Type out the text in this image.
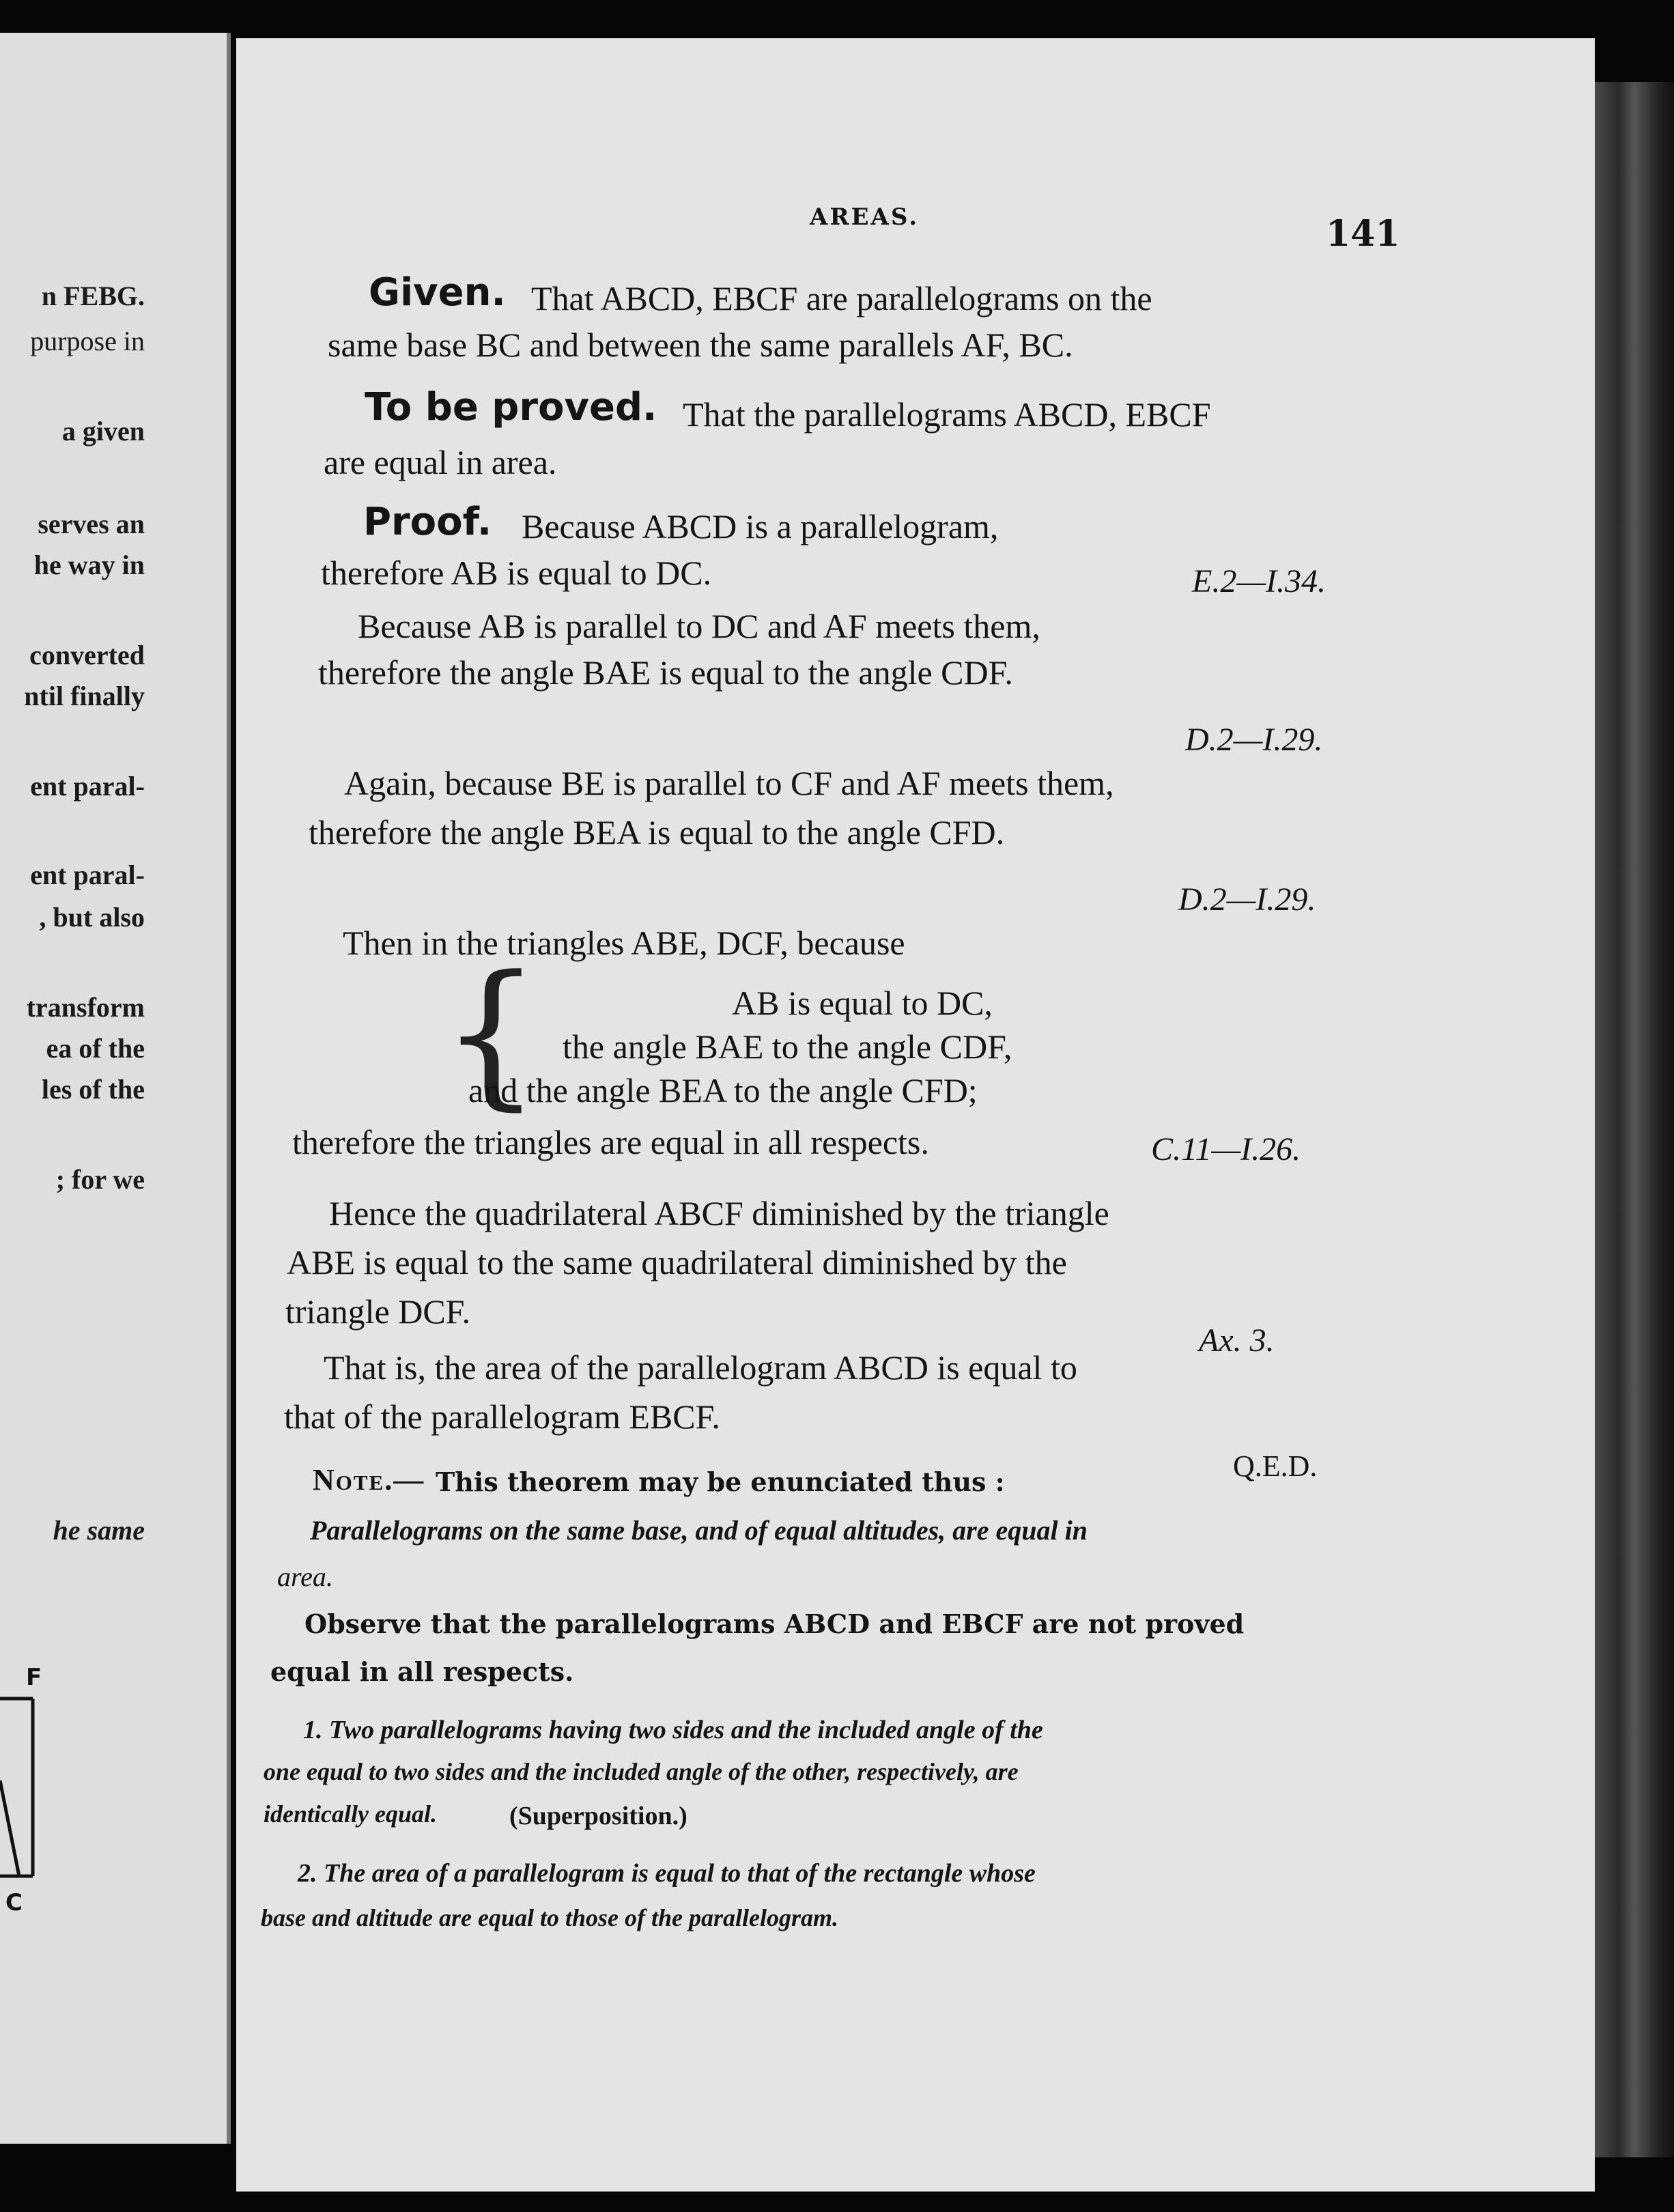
n FEBG.
purpose in
a given
serves an
he way in
converted
ntil finally
ent paral-
ent paral-
, but also
transform
ea of the
les of the
; for we
he same
F
C
AREAS.	141
Given. That ABCD, EBCF are parallelograms on the
same base BC and between the same parallels AF, BC.
To be proved. That the parallelograms ABCD, EBCF
are equal in area.
Proof. Because ABCD is a parallelogram,
therefore AB is equal to DC.	E.2—I.34.
Because AB is parallel to DC and AF meets them,
therefore the angle BAE is equal to the angle CDF.
D.2—I.29.
Again, because BE is parallel to CF and AF meets them,
therefore the angle BEA is equal to the angle CFD.
D.2—I.29.
Then in the triangles ABE, DCF, because
{	AB is equal to DC,
the angle BAE to the angle CDF,
and the angle BEA to the angle CFD;
therefore the triangles are equal in all respects.	C.11—I.26.
Hence the quadrilateral ABCF diminished by the triangle
ABE is equal to the same quadrilateral diminished by the
triangle DCF.
Ax. 3.
That is, the area of the parallelogram ABCD is equal to
that of the parallelogram EBCF.
Q.E.D.
Note.— This theorem may be enunciated thus :
Parallelograms on the same base, and of equal altitudes, are equal in
area.
Observe that the parallelograms ABCD and EBCF are not proved
equal in all respects.
1. Two parallelograms having two sides and the included angle of the
one equal to two sides and the included angle of the other, respectively, are
identically equal.	(Superposition.)
2. The area of a parallelogram is equal to that of the rectangle whose
base and altitude are equal to those of the parallelogram.
